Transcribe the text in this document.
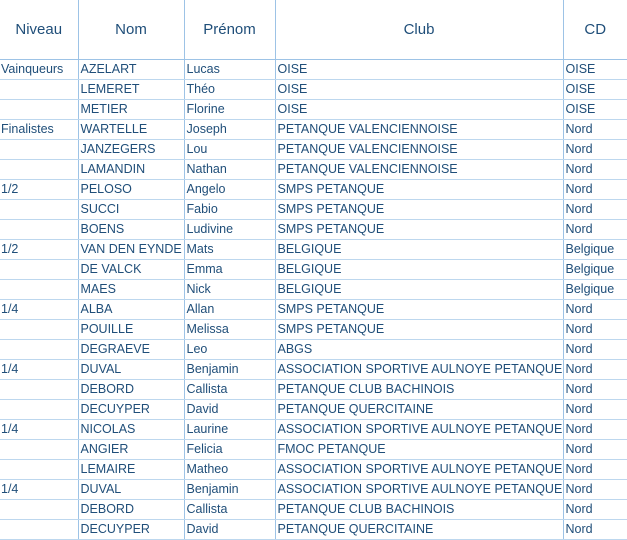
Niveau	Nom	Prénom	Club	CD
Vainqueurs	AZELART	Lucas	OISE	OISE
	LEMERET	Théo	OISE	OISE
	METIER	Florine	OISE	OISE
Finalistes	WARTELLE	Joseph	PETANQUE VALENCIENNOISE	Nord
	JANZEGERS	Lou	PETANQUE VALENCIENNOISE	Nord
	LAMANDIN	Nathan	PETANQUE VALENCIENNOISE	Nord
1/2	PELOSO	Angelo	SMPS PETANQUE	Nord
	SUCCI	Fabio	SMPS PETANQUE	Nord
	BOENS	Ludivine	SMPS PETANQUE	Nord
1/2	VAN DEN EYNDE	Mats	BELGIQUE	Belgique
	DE VALCK	Emma	BELGIQUE	Belgique
	MAES	Nick	BELGIQUE	Belgique
1/4	ALBA	Allan	SMPS PETANQUE	Nord
	POUILLE	Melissa	SMPS PETANQUE	Nord
	DEGRAEVE	Leo	ABGS	Nord
1/4	DUVAL	Benjamin	ASSOCIATION SPORTIVE AULNOYE PETANQUE	Nord
	DEBORD	Callista	PETANQUE CLUB BACHINOIS	Nord
	DECUYPER	David	PETANQUE QUERCITAINE	Nord
1/4	NICOLAS	Laurine	ASSOCIATION SPORTIVE AULNOYE PETANQUE	Nord
	ANGIER	Felicia	FMOC PETANQUE	Nord
	LEMAIRE	Matheo	ASSOCIATION SPORTIVE AULNOYE PETANQUE	Nord
1/4	DUVAL	Benjamin	ASSOCIATION SPORTIVE AULNOYE PETANQUE	Nord
	DEBORD	Callista	PETANQUE CLUB BACHINOIS	Nord
	DECUYPER	David	PETANQUE QUERCITAINE	Nord
